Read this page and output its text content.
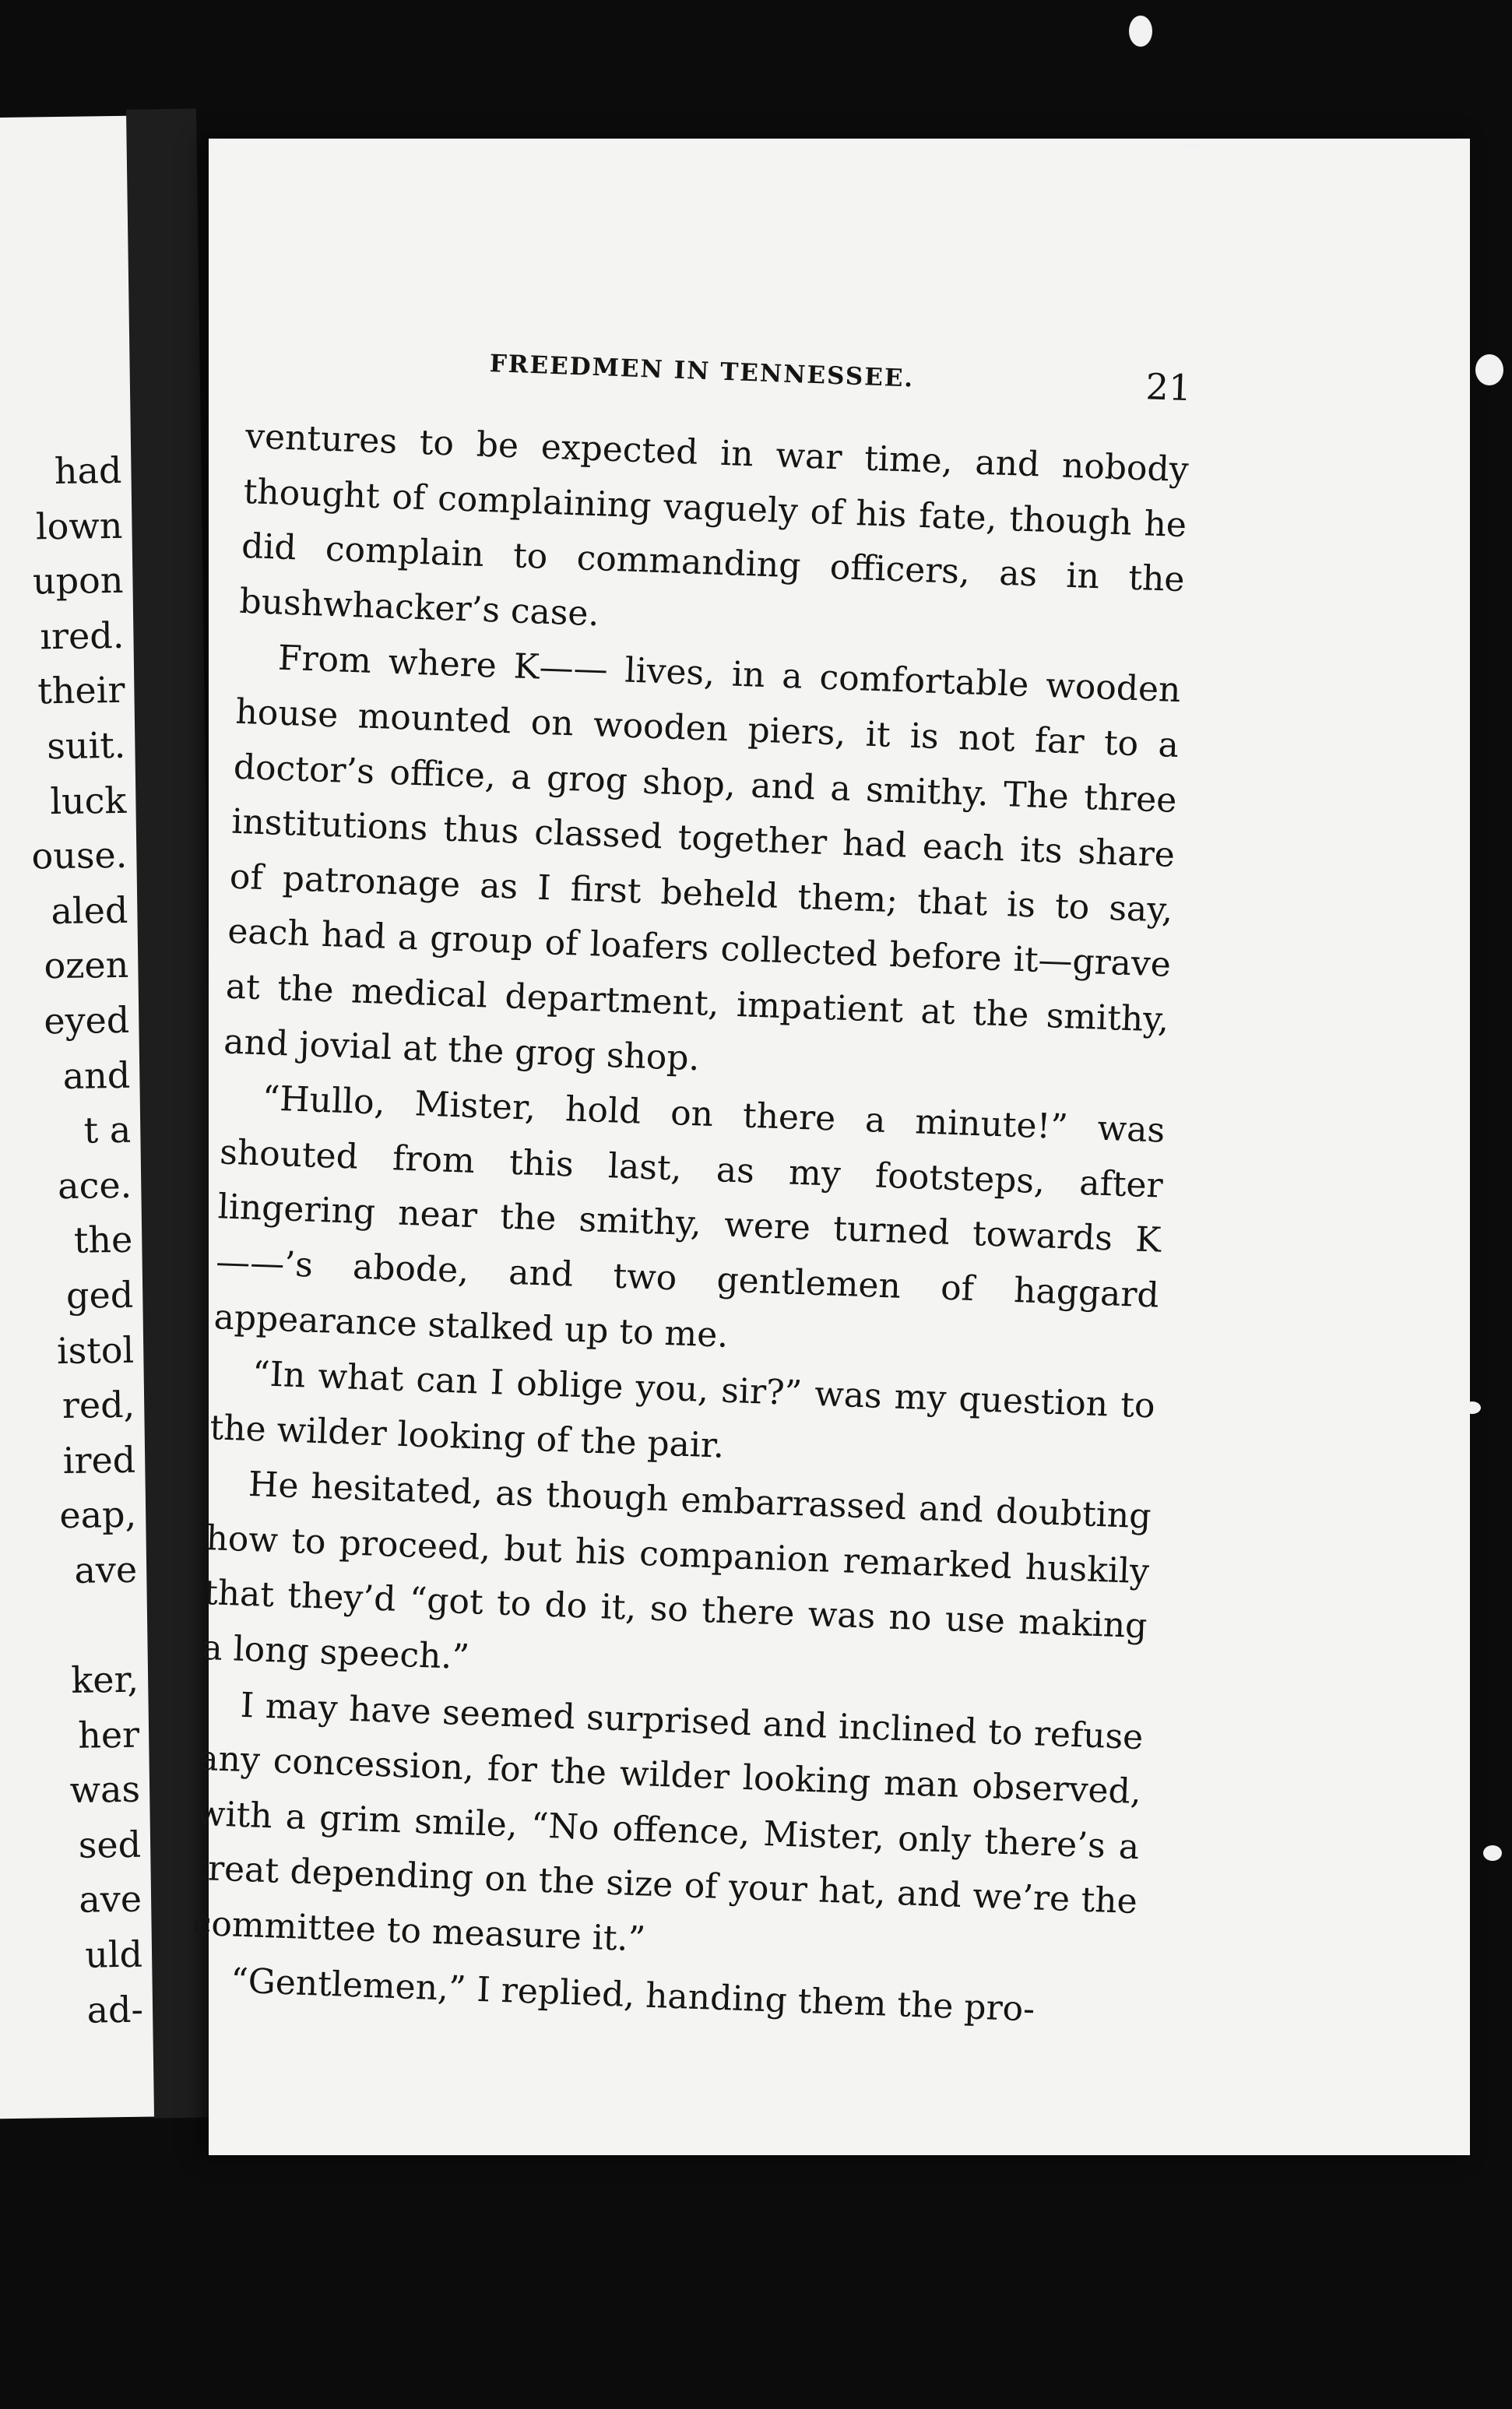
had
lown
upon
ıred.
their
suit.
luck
ouse.
aled
ozen
eyed
and
t a
ace.
the
ged
istol
red,
ired
eap,
ave
ker,
her
was
sed
ave
uld
ad-
FREEDMEN IN TENNESSEE.	21

ventures to be expected in war time, and nobody thought of complaining vaguely of his fate, though he did complain to commanding officers, as in the bushwhacker’s case.

From where K—— lives, in a comfortable wooden house mounted on wooden piers, it is not far to a doctor’s office, a grog shop, and a smithy. The three institutions thus classed together had each its share of patronage as I first beheld them; that is to say, each had a group of loafers collected before it—grave at the medical department, impatient at the smithy, and jovial at the grog shop.

“Hullo, Mister, hold on there a minute!” was shouted from this last, as my footsteps, after lingering near the smithy, were turned towards K——’s abode, and two gentlemen of haggard appearance stalked up to me.

“In what can I oblige you, sir?” was my question to the wilder looking of the pair.

He hesitated, as though embarrassed and doubting how to proceed, but his companion remarked huskily that they’d “got to do it, so there was no use making a long speech.”

I may have seemed surprised and inclined to refuse any concession, for the wilder looking man observed, with a grim smile, “No offence, Mister, only there’s a treat depending on the size of your hat, and we’re the committee to measure it.”

“Gentlemen,” I replied, handing them the pro-
